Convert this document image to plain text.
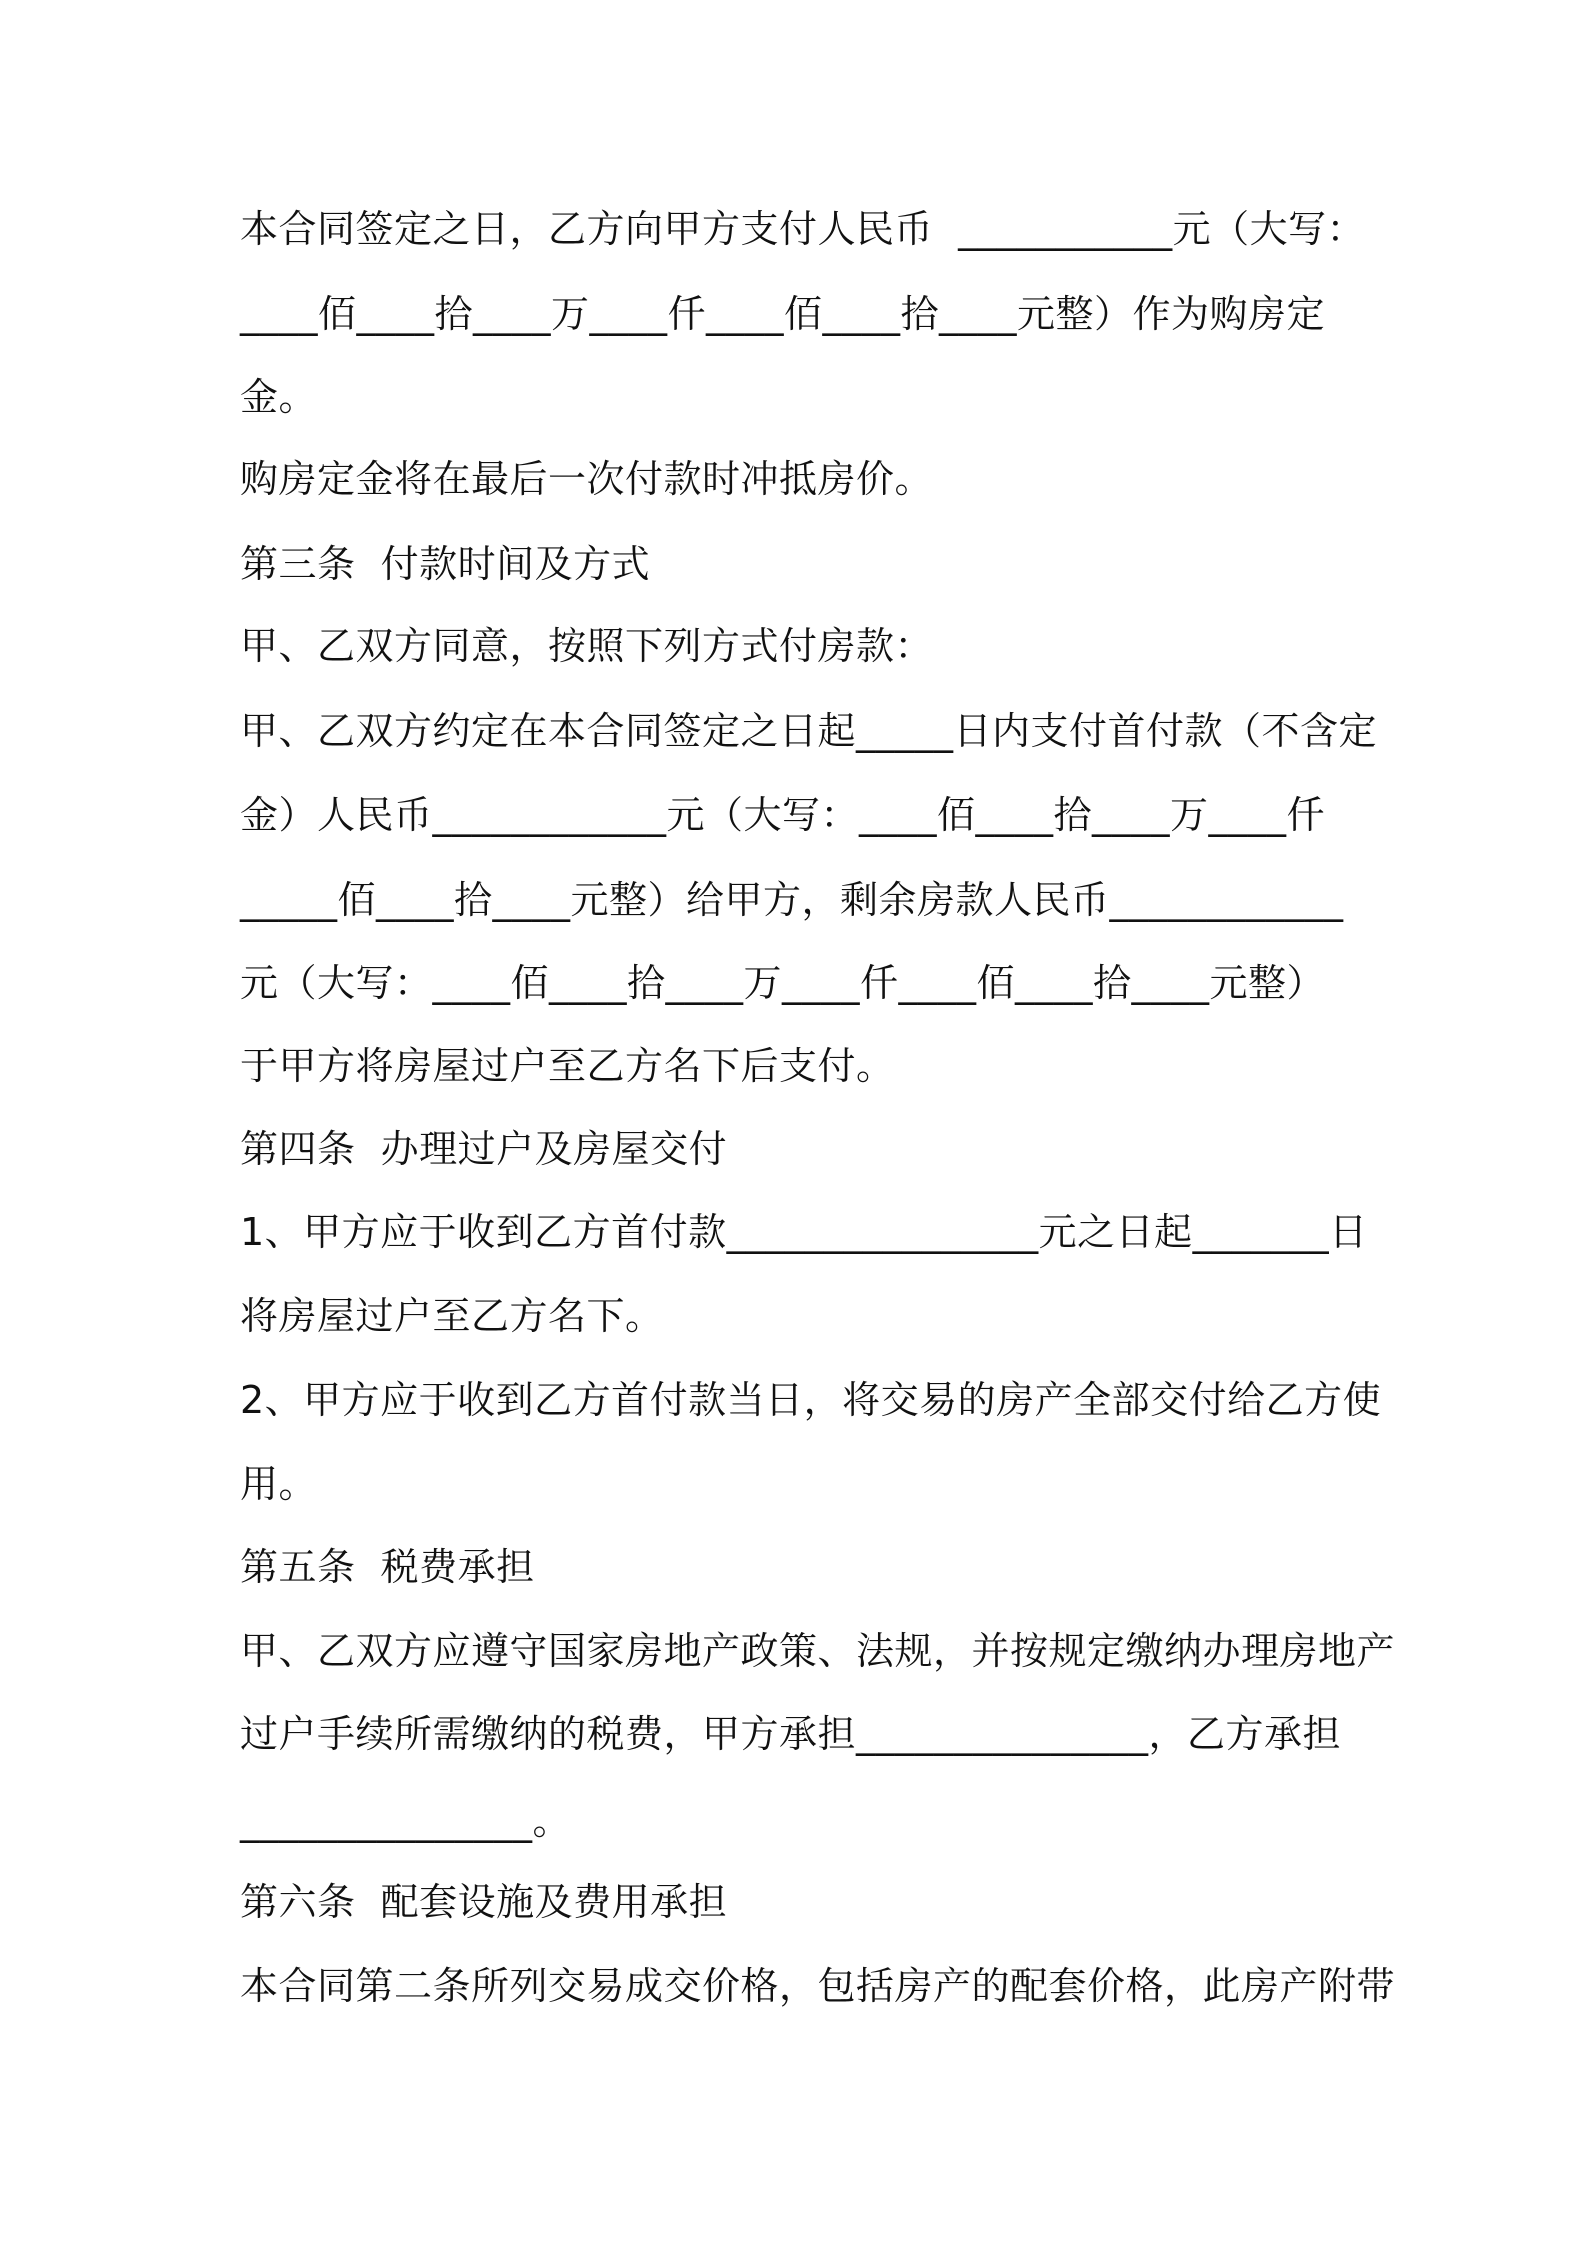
本合同签定之日，乙方向甲方支付人民币  ___________元（大写：
____佰____拾____万____仟____佰____拾____元整）作为购房定
金。
购房定金将在最后一次付款时冲抵房价。
第三条  付款时间及方式
甲、乙双方同意，按照下列方式付房款：
甲、乙双方约定在本合同签定之日起_____日内支付首付款（不含定
金）人民币____________元（大写：____佰____拾____万____仟
_____佰____拾____元整）给甲方，剩余房款人民币____________
元（大写：____佰____拾____万____仟____佰____拾____元整）
于甲方将房屋过户至乙方名下后支付。
第四条  办理过户及房屋交付
1、甲方应于收到乙方首付款________________元之日起_______日
将房屋过户至乙方名下。
2、甲方应于收到乙方首付款当日，将交易的房产全部交付给乙方使
用。
第五条  税费承担
甲、乙双方应遵守国家房地产政策、法规，并按规定缴纳办理房地产
过户手续所需缴纳的税费，甲方承担_______________，乙方承担
_______________。
第六条  配套设施及费用承担
本合同第二条所列交易成交价格，包括房产的配套价格，此房产附带
